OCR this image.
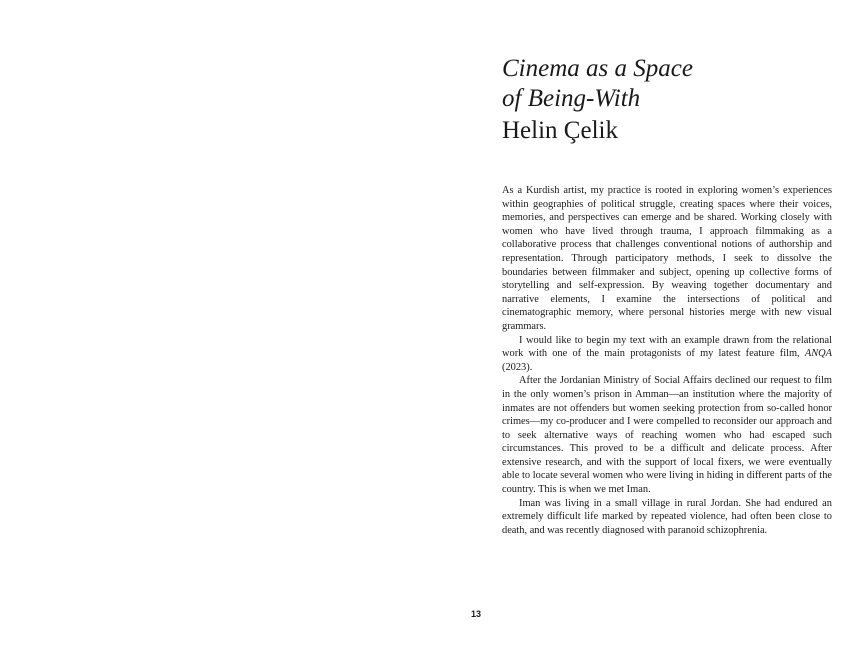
Cinema as a Space
of Being-With
Helin Çelik

As a Kurdish artist, my practice is rooted in exploring women’s experiences within geographies of political struggle, creating spaces where their voices, memories, and perspectives can emerge and be shared. Working closely with women who have lived through trauma, I approach filmmaking as a collaborative process that challenges conventional notions of authorship and representation. Through participatory methods, I seek to dissolve the boundaries between filmmaker and subject, opening up collective forms of storytelling and self-expression. By weaving together documentary and narrative elements, I examine the intersections of political and cinematographic memory, where personal histories merge with new visual grammars.

I would like to begin my text with an example drawn from the relational work with one of the main protagonists of my latest feature film, ANQA (2023).

After the Jordanian Ministry of Social Affairs declined our request to film in the only women’s prison in Amman—an institution where the majority of inmates are not offenders but women seeking protection from so-called honor crimes—my co-producer and I were compelled to reconsider our approach and to seek alternative ways of reaching women who had escaped such circumstances. This proved to be a difficult and delicate process. After extensive research, and with the support of local fixers, we were eventually able to locate several women who were living in hiding in different parts of the country. This is when we met Iman.

Iman was living in a small village in rural Jordan. She had endured an extremely difficult life marked by repeated violence, had often been close to death, and was recently diagnosed with paranoid schizophrenia.

13
